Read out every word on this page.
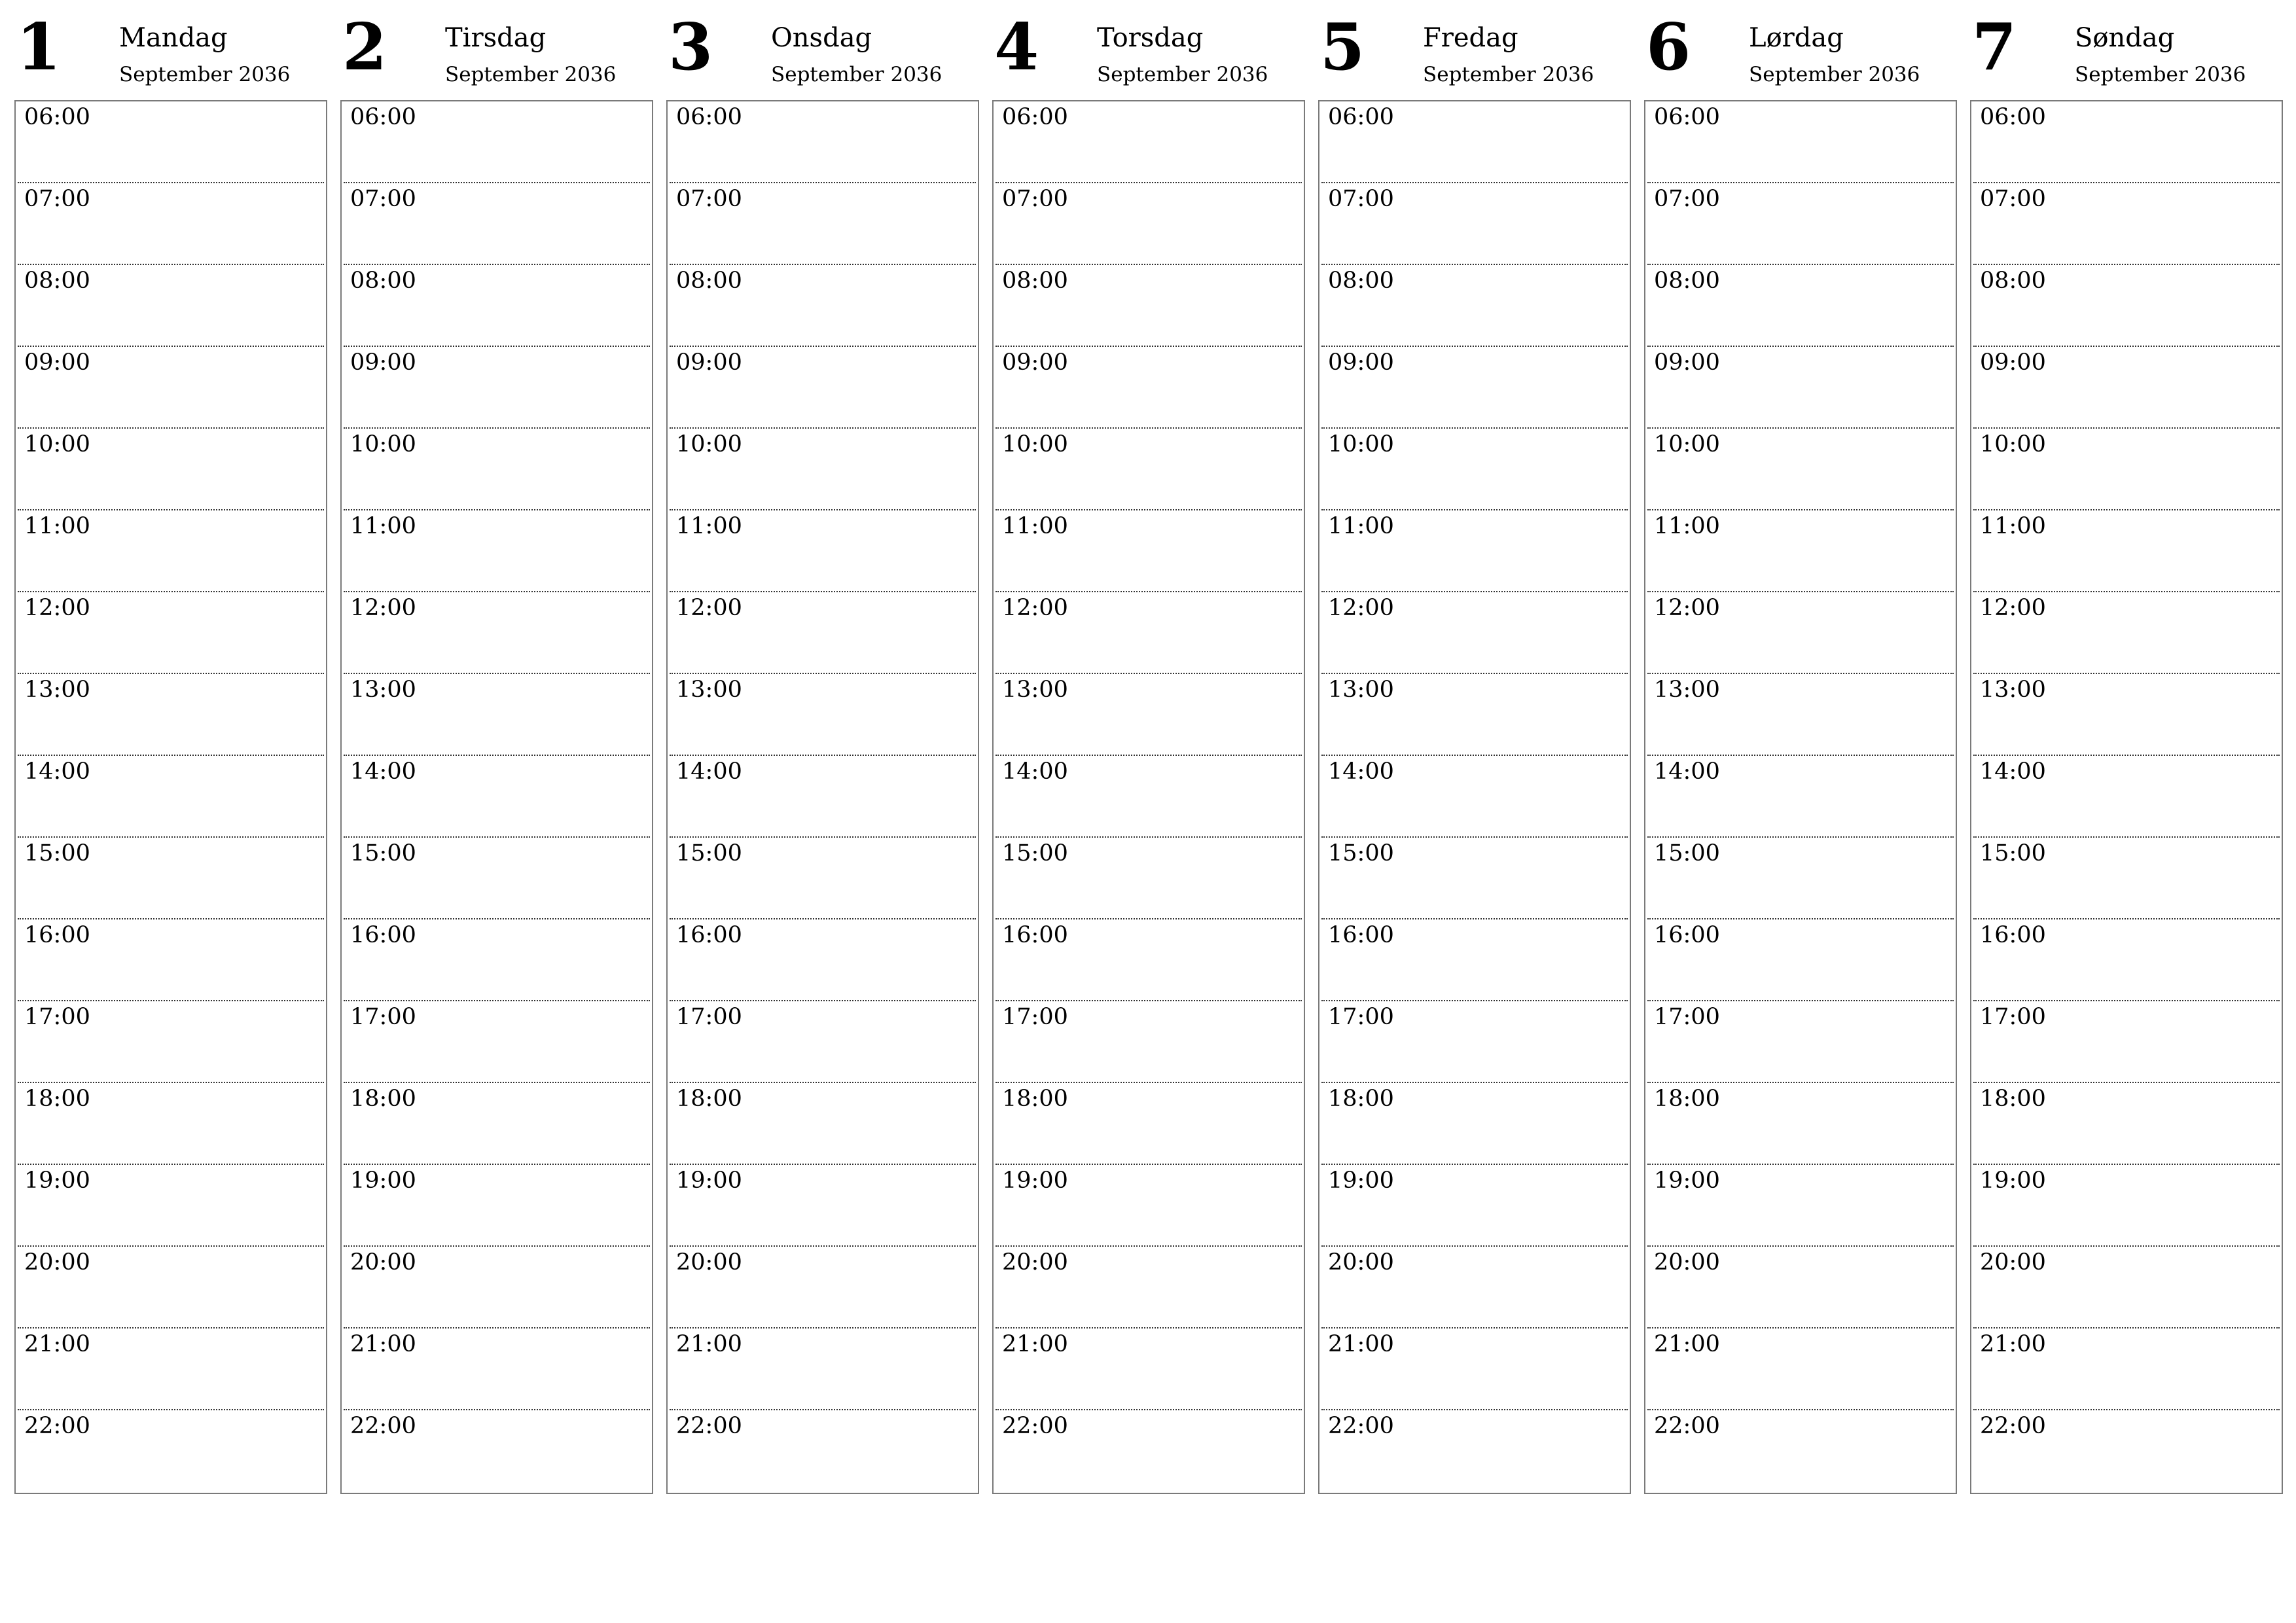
1 Mandag
September 2036
06:00
07:00
08:00
09:00
10:00
11:00
12:00
13:00
14:00
15:00
16:00
17:00
18:00
19:00
20:00
21:00
22:00
2 Tirsdag
September 2036
06:00
07:00
08:00
09:00
10:00
11:00
12:00
13:00
14:00
15:00
16:00
17:00
18:00
19:00
20:00
21:00
22:00
3 Onsdag
September 2036
06:00
07:00
08:00
09:00
10:00
11:00
12:00
13:00
14:00
15:00
16:00
17:00
18:00
19:00
20:00
21:00
22:00
4 Torsdag
September 2036
06:00
07:00
08:00
09:00
10:00
11:00
12:00
13:00
14:00
15:00
16:00
17:00
18:00
19:00
20:00
21:00
22:00
5 Fredag
September 2036
06:00
07:00
08:00
09:00
10:00
11:00
12:00
13:00
14:00
15:00
16:00
17:00
18:00
19:00
20:00
21:00
22:00
6 Lørdag
September 2036
06:00
07:00
08:00
09:00
10:00
11:00
12:00
13:00
14:00
15:00
16:00
17:00
18:00
19:00
20:00
21:00
22:00
7 Søndag
September 2036
06:00
07:00
08:00
09:00
10:00
11:00
12:00
13:00
14:00
15:00
16:00
17:00
18:00
19:00
20:00
21:00
22:00
